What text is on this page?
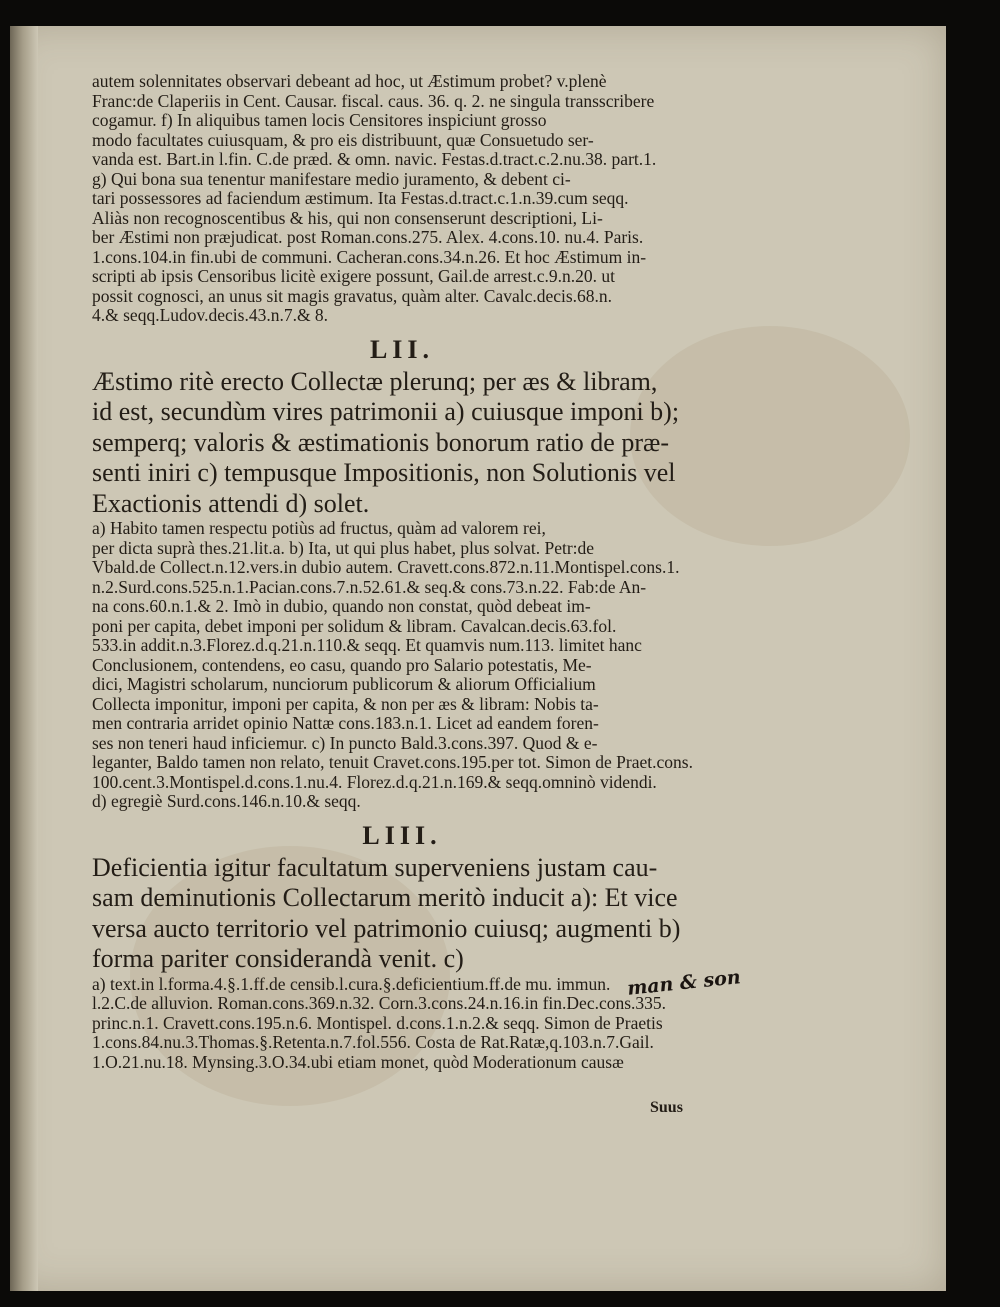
autem solennitates observari debeant ad hoc, ut Æstimum probet? v.plenè
Franc:de Claperiis in Cent. Causar. fiscal. caus. 36. q. 2. ne singula transscribere
cogamur. f) In aliquibus tamen locis Censitores inspiciunt grosso
modo facultates cuiusquam, & pro eis distribuunt, quæ Consuetudo ser-
vanda est. Bart.in l.fin. C.de præd. & omn. navic. Festas.d.tract.c.2.nu.38. part.1.
g) Qui bona sua tenentur manifestare medio juramento, & debent ci-
tari possessores ad faciendum æstimum. Ita Festas.d.tract.c.1.n.39.cum seqq.
Aliàs non recognoscentibus & his, qui non consenserunt descriptioni, Li-
ber Æstimi non præjudicat. post Roman.cons.275. Alex. 4.cons.10. nu.4. Paris.
1.cons.104.in fin.ubi de communi. Cacheran.cons.34.n.26. Et hoc Æstimum in-
scripti ab ipsis Censoribus licitè exigere possunt, Gail.de arrest.c.9.n.20. ut
possit cognosci, an unus sit magis gravatus, quàm alter. Cavalc.decis.68.n.
4.& seqq.Ludov.decis.43.n.7.& 8.
LII.
Æstimo ritè erecto Collectæ plerunq; per æs & libram,
id est, secundùm vires patrimonii a) cuiusque imponi b);
semperq; valoris & æstimationis bonorum ratio de præ-
senti iniri c) tempusque Impositionis, non Solutionis vel
Exactionis attendi d) solet.
a) Habito tamen respectu potiùs ad fructus, quàm ad valorem rei,
per dicta suprà thes.21.lit.a. b) Ita, ut qui plus habet, plus solvat. Petr:de
Vbald.de Collect.n.12.vers.in dubio autem. Cravett.cons.872.n.11.Montispel.cons.1.
n.2.Surd.cons.525.n.1.Pacian.cons.7.n.52.61.& seq.& cons.73.n.22. Fab:de An-
na cons.60.n.1.& 2. Imò in dubio, quando non constat, quòd debeat im-
poni per capita, debet imponi per solidum & libram. Cavalcan.decis.63.fol.
533.in addit.n.3.Florez.d.q.21.n.110.& seqq. Et quamvis num.113. limitet hanc
Conclusionem, contendens, eo casu, quando pro Salario potestatis, Me-
dici, Magistri scholarum, nunciorum publicorum & aliorum Officialium
Collecta imponitur, imponi per capita, & non per æs & libram: Nobis ta-
men contraria arridet opinio Nattæ cons.183.n.1. Licet ad eandem foren-
ses non teneri haud inficiemur. c) In puncto Bald.3.cons.397. Quod & e-
leganter, Baldo tamen non relato, tenuit Cravet.cons.195.per tot. Simon de Praet.cons.
100.cent.3.Montispel.d.cons.1.nu.4. Florez.d.q.21.n.169.& seqq.omninò videndi.
d) egregiè Surd.cons.146.n.10.& seqq.
LIII.
Deficientia igitur facultatum superveniens justam cau-
sam deminutionis Collectarum meritò inducit a): Et vice
versa aucto territorio vel patrimonio cuiusq; augmenti b)
forma pariter considerandà venit. c)
a) text.in l.forma.4.§.1.ff.de censib.l.cura.§.deficientium.ff.de mu. immun.
l.2.C.de alluvion. Roman.cons.369.n.32. Corn.3.cons.24.n.16.in fin.Dec.cons.335.
princ.n.1. Cravett.cons.195.n.6. Montispel. d.cons.1.n.2.& seqq. Simon de Praetis
1.cons.84.nu.3.Thomas.§.Retenta.n.7.fol.556. Costa de Rat.Ratæ,q.103.n.7.Gail.
1.O.21.nu.18. Mynsing.3.O.34.ubi etiam monet, quòd Moderationum causæ
man & son
Suus
